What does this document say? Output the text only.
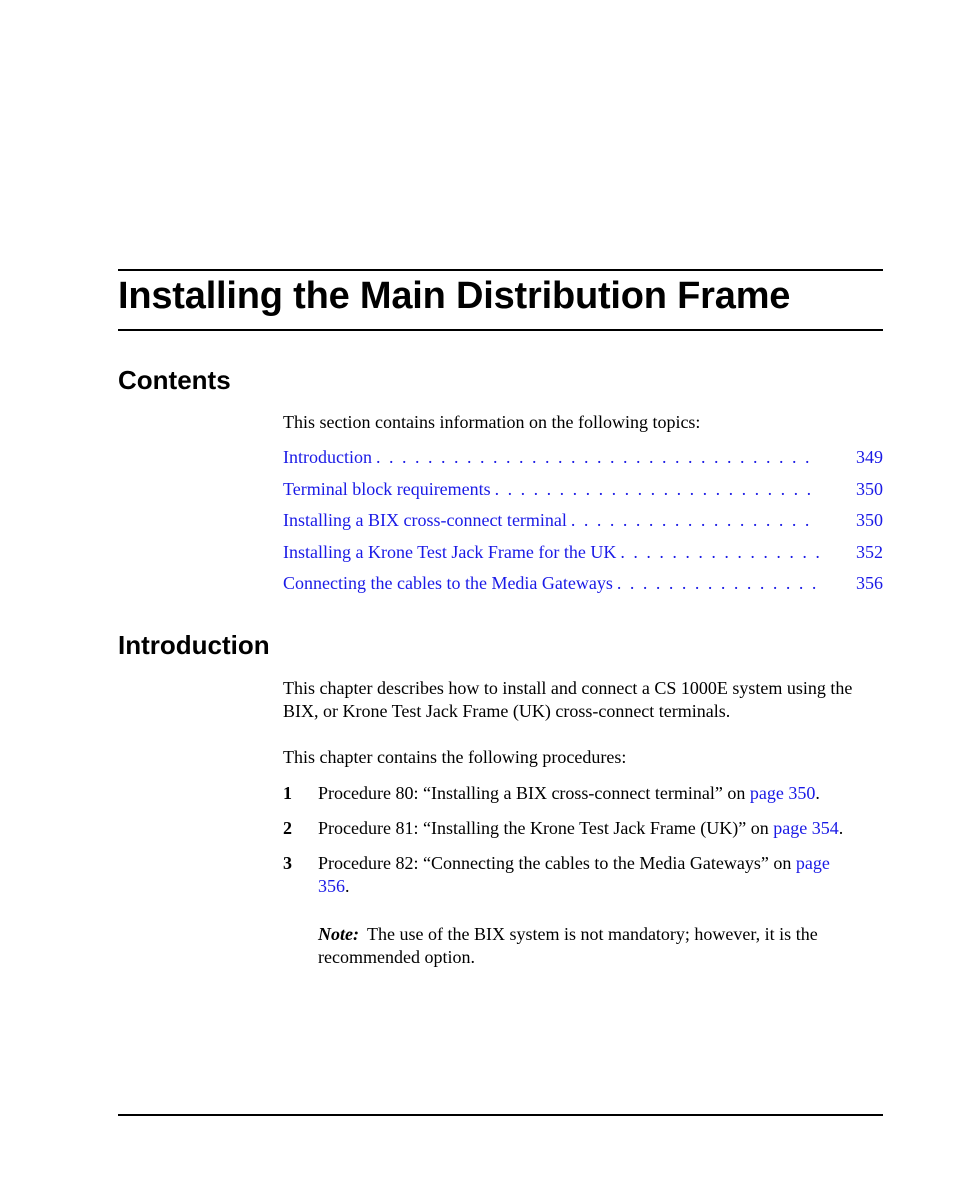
Installing the Main Distribution Frame
Contents

This section contains information on the following topics:

Introduction . . .	349
Terminal block requirements . . .	350
Installing a BIX cross-connect terminal . . .	350
Installing a Krone Test Jack Frame for the UK . . .	352
Connecting the cables to the Media Gateways . . .	356
Introduction

This chapter describes how to install and connect a CS 1000E system using the BIX, or Krone Test Jack Frame (UK) cross-connect terminals.

This chapter contains the following procedures:

1	Procedure 80: “Installing a BIX cross-connect terminal” on page 350.
2	Procedure 81: “Installing the Krone Test Jack Frame (UK)” on page 354.
3	Procedure 82: “Connecting the cables to the Media Gateways” on page 356.

Note: The use of the BIX system is not mandatory; however, it is the recommended option.
